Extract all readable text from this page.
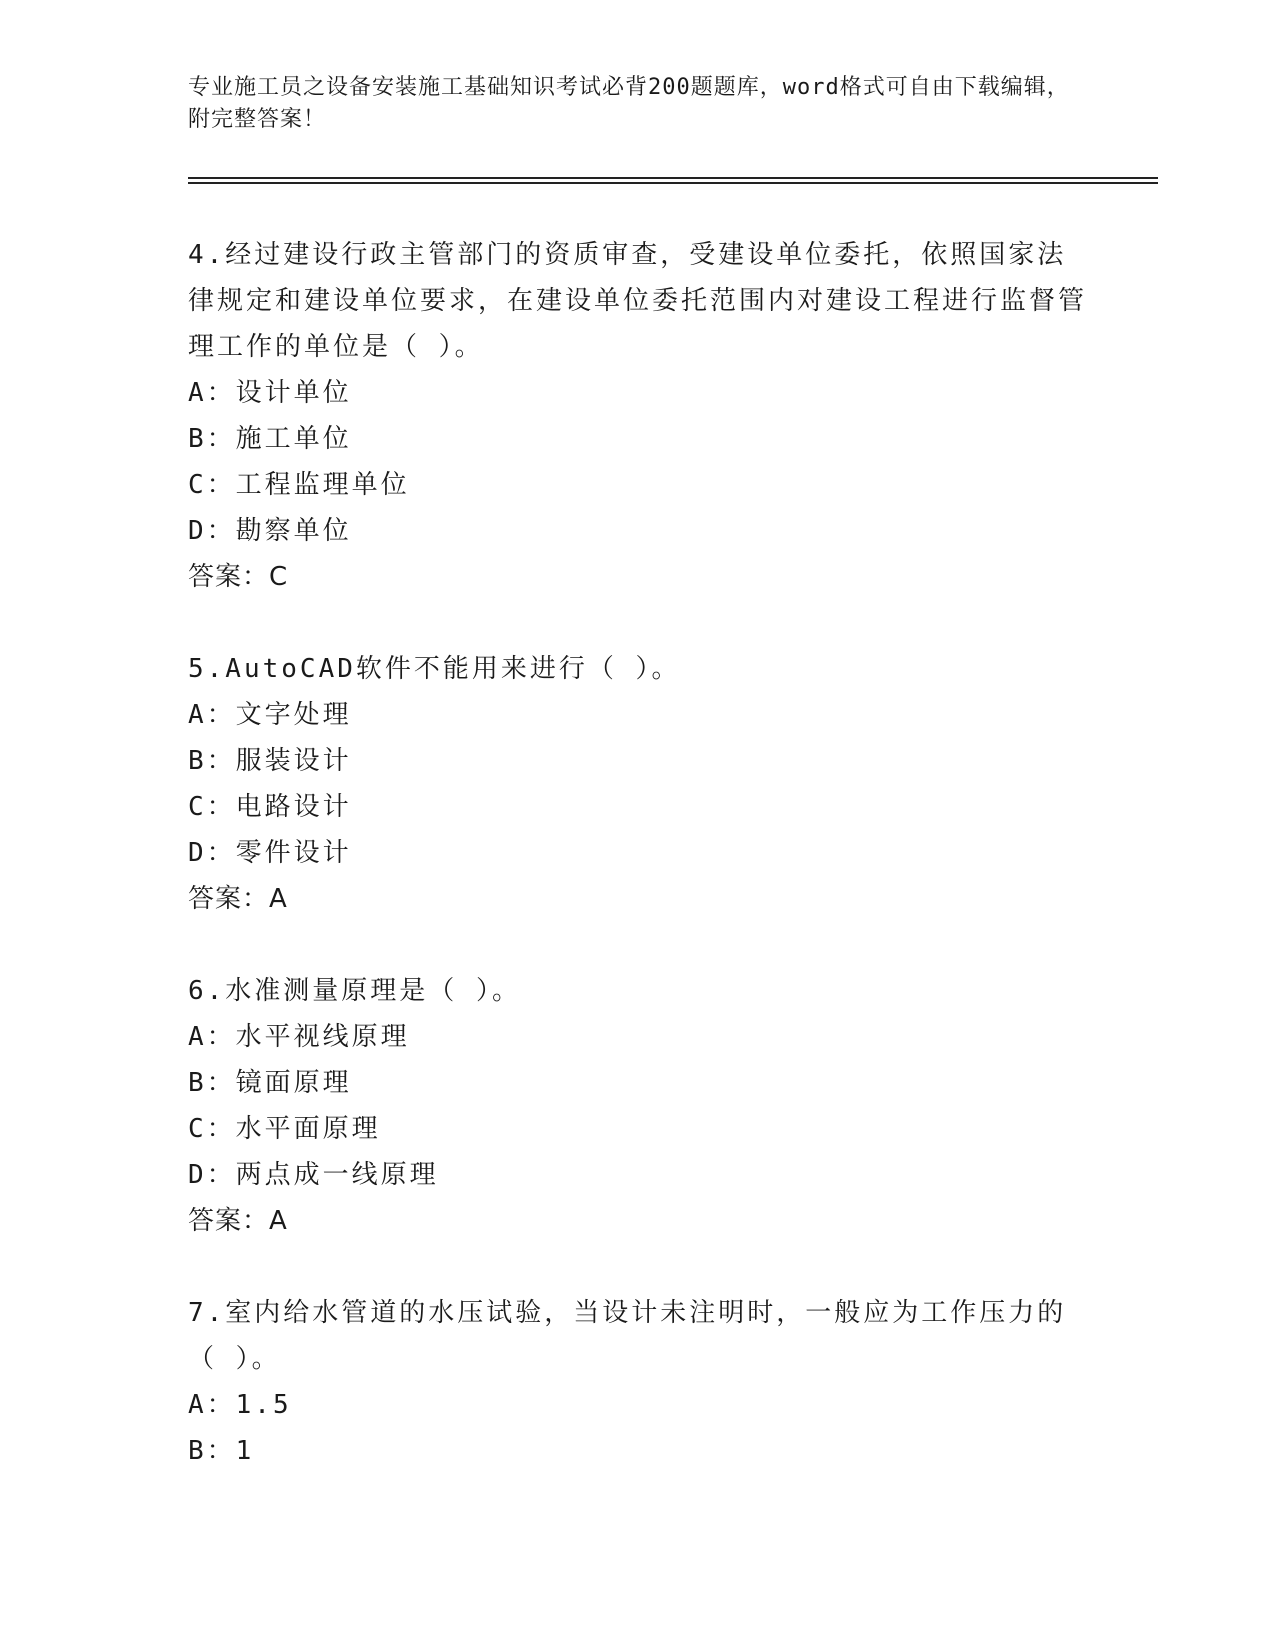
专业施工员之设备安装施工基础知识考试必背200题题库，word格式可自由下载编辑，附完整答案！

4.经过建设行政主管部门的资质审查，受建设单位委托，依照国家法律规定和建设单位要求，在建设单位委托范围内对建设工程进行监督管理工作的单位是（ ）。

A：设计单位

B：施工单位

C：工程监理单位

D：勘察单位

答案：C

5.AutoCAD软件不能用来进行（ ）。

A：文字处理

B：服装设计

C：电路设计

D：零件设计

答案：A

6.水准测量原理是（ ）。

A：水平视线原理

B：镜面原理

C：水平面原理

D：两点成一线原理

答案：A

7.室内给水管道的水压试验，当设计未注明时，一般应为工作压力的（ ）。

A：1.5

B：1
